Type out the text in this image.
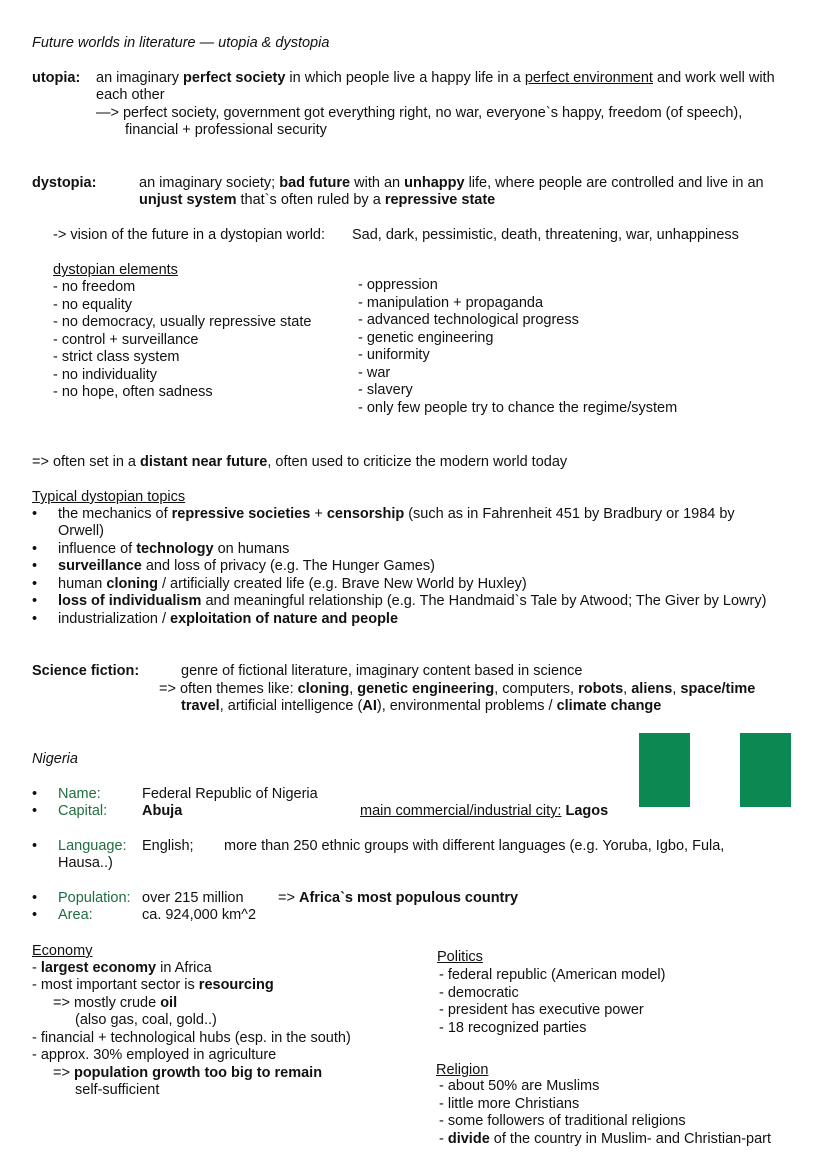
Future worlds in literature — utopia & dystopia
utopia: an imaginary perfect society in which people live a happy life in a perfect environment and work well with
each other
—> perfect society, government got everything right, no war, everyone`s happy, freedom (of speech),
financial + professional security
dystopia:	an imaginary society; bad future with an unhappy life, where people are controlled and live in an
unjust system that`s often ruled by a repressive state
-> vision of the future in a dystopian world: Sad, dark, pessimistic, death, threatening, war, unhappiness
dystopian elements
- no freedom
- no equality
- no democracy, usually repressive state
- control + surveillance
- strict class system
- no individuality
- no hope, often sadness
- oppression
- manipulation + propaganda
- advanced technological progress
- genetic engineering
- uniformity
- war
- slavery
- only few people try to chance the regime/system
=> often set in a distant near future, often used to criticize the modern world today
Typical dystopian topics
• the mechanics of repressive societies + censorship (such as in Fahrenheit 451 by Bradbury or 1984 by
Orwell)
• influence of technology on humans
• surveillance and loss of privacy (e.g. The Hunger Games)
• human cloning / artificially created life (e.g. Brave New World by Huxley)
• loss of individualism and meaningful relationship (e.g. The Handmaid`s Tale by Atwood; The Giver by Lowry)
• industrialization / exploitation of nature and people
Science fiction:	genre of fictional literature, imaginary content based in science
=> often themes like: cloning, genetic engineering, computers, robots, aliens, space/time
travel, artificial intelligence (AI), environmental problems / climate change
Nigeria
• Name:	Federal Republic of Nigeria
• Capital: Abuja	main commercial/industrial city: Lagos
• Language: English; more than 250 ethnic groups with different languages (e.g. Yoruba, Igbo, Fula,
Hausa..)
• Population: over 215 million => Africa`s most populous country
• Area:	ca. 924,000 km^2
Economy
- largest economy in Africa
- most important sector is resourcing
=> mostly crude oil
(also gas, coal, gold..)
- financial + technological hubs (esp. in the south)
- approx. 30% employed in agriculture
=> population growth too big to remain
self-sufficient
Politics
- federal republic (American model)
- democratic
- president has executive power
- 18 recognized parties
Religion
- about 50% are Muslims
- little more Christians
- some followers of traditional religions
- divide of the country in Muslim- and Christian-part
